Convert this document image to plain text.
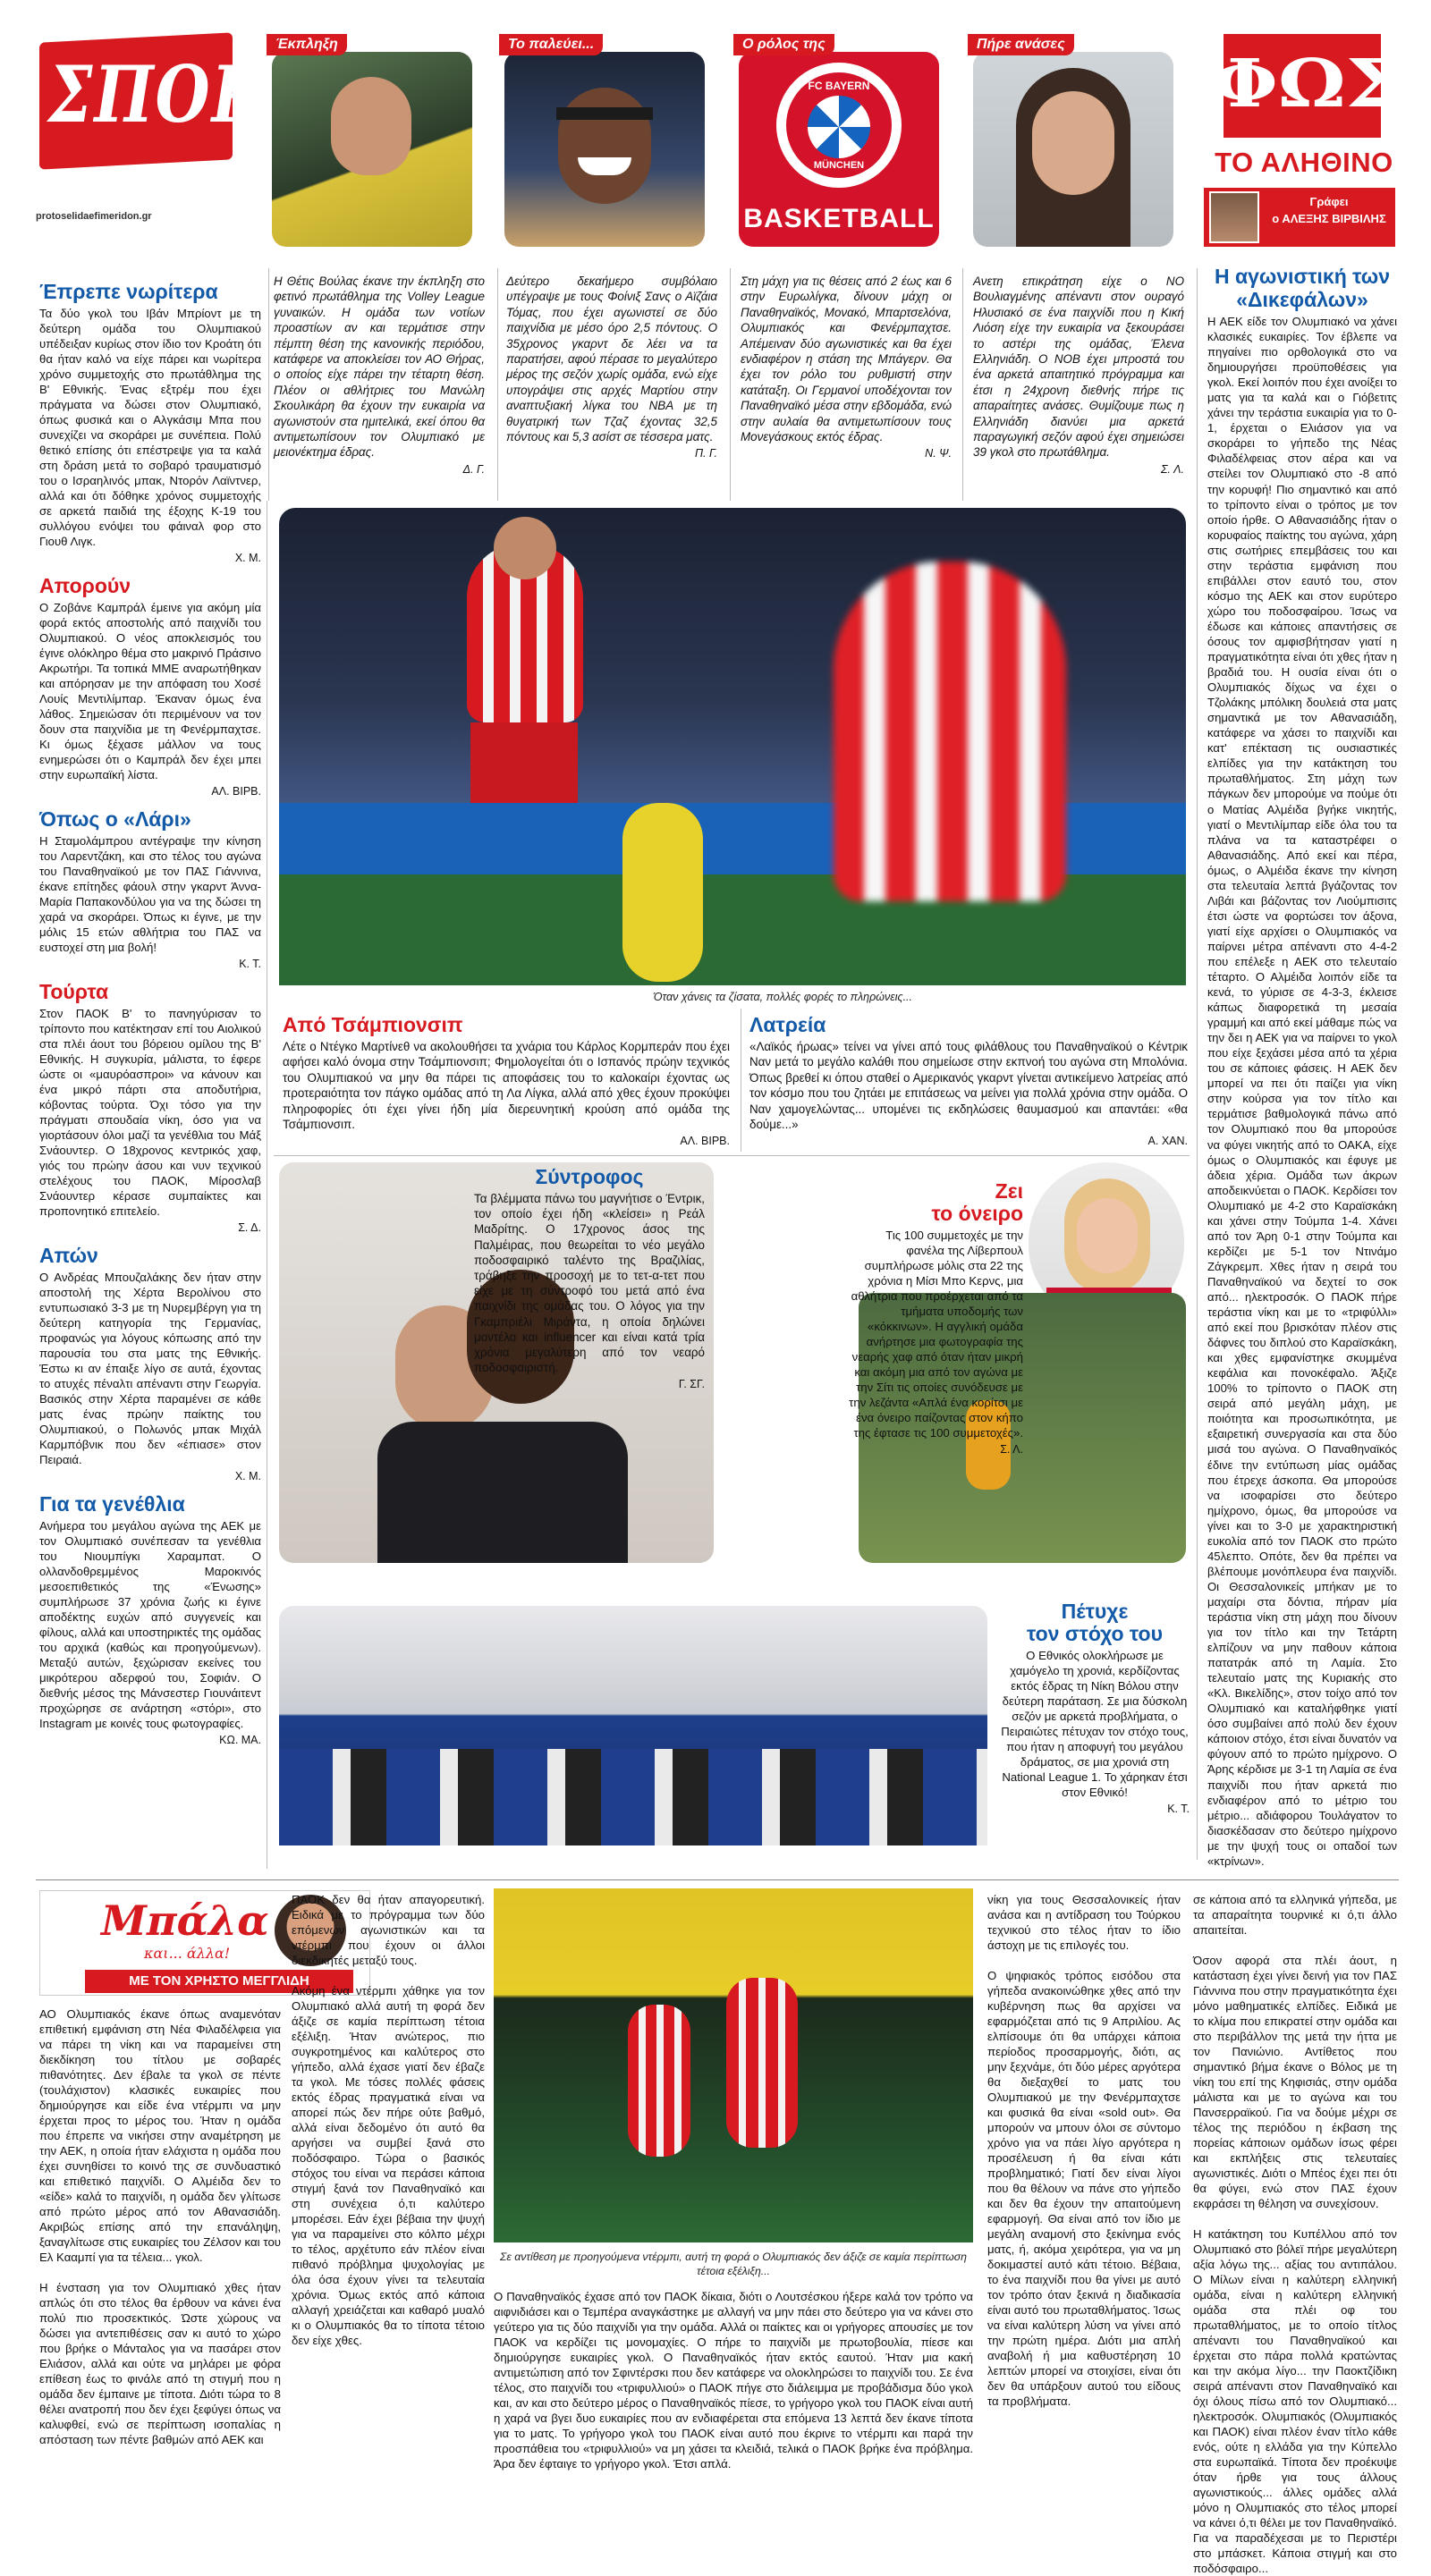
ΣΠΟΡ
protoselidaefimeridon.gr
Έκπληξη	Το παλεύει...
FC BAYERN
MÜNCHEN
BASKETBALL
Ο ρόλος της	Πήρε ανάσες
ΦΩΣ
ΤΟ ΑΛΗΘΙΝΟ
Γράφει
ο ΑΛΕΞΗΣ ΒΙΡΒΙΛΗΣ

Η Θέτις Βούλας έκανε την έκπληξη στο φετινό πρωτάθλημα της Volley League γυναικών. Η ομάδα των νοτίων προαστίων αν και τερμάτισε στην πέμπτη θέση της κανονικής περιόδου, κατάφερε να αποκλείσει τον ΑΟ Θήρας, ο οποίος είχε πάρει την τέταρτη θέση. Πλέον οι αθλήτριες του Μανώλη Σκουλικάρη θα έχουν την ευκαιρία να αγωνιστούν στα ημιτελικά, εκεί όπου θα αντιμετωπίσουν τον Ολυμπιακό με μειονέκτημα έδρας.

Δ. Γ.

Δεύτερο δεκαήμερο συμβόλαιο υπέγραψε με τους Φοίνιξ Σανς ο Αϊζάια Τόμας, που έχει αγωνιστεί σε δύο παιχνίδια με μέσο όρο 2,5 πόντους. Ο 35χρονος γκαρντ δε λέει να τα παρατήσει, αφού πέρασε το μεγαλύτερο μέρος της σεζόν χωρίς ομάδα, ενώ είχε υπογράψει στις αρχές Μαρτίου στην αναπτυξιακή λίγκα του NBA με τη θυγατρική των Τζαζ έχοντας 32,5 πόντους και 5,3 ασίστ σε τέσσερα ματς.

Π. Γ.

Στη μάχη για τις θέσεις από 2 έως και 6 στην Ευρωλίγκα, δίνουν μάχη οι Παναθηναϊκός, Μονακό, Μπαρτσελόνα, Ολυμπιακός και Φενέρμπαχτσε. Απέμειναν δύο αγωνιστικές και θα έχει ενδιαφέρον η στάση της Μπάγερν. Θα έχει τον ρόλο του ρυθμιστή στην κατάταξη. Οι Γερμανοί υποδέχονται τον Παναθηναϊκό μέσα στην εβδομάδα, ενώ στην αυλαία θα αντιμετωπίσουν τους Μονεγάσκους εκτός έδρας.

Ν. Ψ.

Ανετη επικράτηση είχε ο ΝΟ Βουλιαγμένης απέναντι στον ουραγό Ηλυσιακό σε ένα παιχνίδι που η Κική Λιόση είχε την ευκαιρία να ξεκουράσει το αστέρι της ομάδας, Έλενα Ελληνιάδη. Ο ΝΟΒ έχει μπροστά του ένα αρκετά απαιτητικό πρόγραμμα και έτσι η 24χρονη διεθνής πήρε τις απαραίτητες ανάσες. Θυμίζουμε πως η Ελληνιάδη διανύει μια αρκετά παραγωγική σεζόν αφού έχει σημειώσει 39 γκολ στο πρωτάθλημα.

Σ. Λ.
Έπρεπε νωρίτερα

Τα δύο γκολ του Ιβάν Μπρίοντ με τη δεύτερη ομάδα του Ολυμπιακού υπέδειξαν κυρίως στον ίδιο τον Κροάτη ότι θα ήταν καλό να είχε πάρει και νωρίτερα χρόνο συμμετοχής στο πρωτάθλημα της Β' Εθνικής. Ένας εξτρέμ που έχει πράγματα να δώσει στον Ολυμπιακό, όπως φυσικά και ο Αλγκάσιμ Μπα που συνεχίζει να σκοράρει με συνέπεια. Πολύ θετικό επίσης ότι επέστρεψε για τα καλά στη δράση μετά το σοβαρό τραυματισμό του ο Ισραηλινός μπακ, Ντορόν Λαϊντνερ, αλλά και ότι δόθηκε χρόνος συμμετοχής σε αρκετά παιδιά της έξοχης Κ-19 του συλλόγου ενόψει του φάιναλ φορ στο Γιουθ Λιγκ.

Χ. Μ.
Απορούν

Ο Ζοβάνε Καμπράλ έμεινε για ακόμη μία φορά εκτός αποστολής από παιχνίδι του Ολυμπιακού. Ο νέος αποκλεισμός του έγινε ολόκληρο θέμα στο μακρινό Πράσινο Ακρωτήρι. Τα τοπικά ΜΜΕ αναρωτήθηκαν και απόρησαν με την απόφαση του Χοσέ Λουίς Μεντιλίμπαρ. Έκαναν όμως ένα λάθος. Σημειώσαν ότι περιμένουν να τον δουν στα παιχνίδια με τη Φενέρμπαχτσε. Κι όμως ξέχασε μάλλον να τους ενημερώσει ότι ο Καμπράλ δεν έχει μπει στην ευρωπαϊκή λίστα.

ΑΛ. ΒΙΡΒ.
Όπως ο «Λάρι»

Η Σταμολάμπρου αντέγραψε την κίνηση του Λαρεντζάκη, και στο τέλος του αγώνα του Παναθηναϊκού με τον ΠΑΣ Γιάννινα, έκανε επίτηδες φάουλ στην γκαρντ Άννα-Μαρία Παπακονδύλου για να της δώσει τη χαρά να σκοράρει. Όπως κι έγινε, με την μόλις 15 ετών αθλήτρια του ΠΑΣ να ευστοχεί στη μια βολή!

Κ. Τ.
Τούρτα

Στον ΠΑΟΚ Β' το πανηγύρισαν το τρίποντο που κατέκτησαν επί του Αιολικού στα πλέι άουτ του βόρειου ομίλου της Β' Εθνικής. Η συγκυρία, μάλιστα, το έφερε ώστε οι «μαυρόασπροι» να κάνουν και ένα μικρό πάρτι στα αποδυτήρια, κόβοντας τούρτα. Όχι τόσο για την πράγματι σπουδαία νίκη, όσο για να γιορτάσουν όλοι μαζί τα γενέθλια του Μάξ Σνάουντερ. Ο 18χρονος κεντρικός χαφ, γιός του πρώην άσου και νυν τεχνικού στελέχους του ΠΑΟΚ, Μίροσλαβ Σνάουντερ κέρασε συμπαίκτες και προπονητικό επιτελείο.

Σ. Δ.
Απών

Ο Ανδρέας Μπουζαλάκης δεν ήταν στην αποστολή της Χέρτα Βερολίνου στο εντυπωσιακό 3-3 με τη Νυρεμβέργη για τη δεύτερη κατηγορία της Γερμανίας, προφανώς για λόγους κόπωσης από την παρουσία του στα ματς της Εθνικής. Έστω κι αν έπαιξε λίγο σε αυτά, έχοντας το ατυχές πέναλτι απέναντι στην Γεωργία. Βασικός στην Χέρτα παραμένει σε κάθε ματς ένας πρώην παίκτης του Ολυμπιακού, ο Πολωνός μπακ Μιχάλ Καρμπόβνικ που δεν «έπιασε» στον Πειραιά.

Χ. Μ.
Για τα γενέθλια

Ανήμερα του μεγάλου αγώνα της ΑΕΚ με τον Ολυμπιακό συνέπεσαν τα γενέθλια του Νιουμπίγκι Χαραμπατ. Ο ολλανδοθρεμμένος Μαροκινός μεσοεπιθετικός της «Ένωσης» συμπλήρωσε 37 χρόνια ζωής κι έγινε αποδέκτης ευχών από συγγενείς και φίλους, αλλά και υποστηρικτές της ομάδας του αρχικά (καθώς και προηγούμενων). Μεταξύ αυτών, ξεχώρισαν εκείνες του μικρότερου αδερφού του, Σοφιάν. Ο διεθνής μέσος της Μάνσεστερ Γιουνάιτεντ προχώρησε σε ανάρτηση «στόρι», στο Instagram με κοινές τους φωτογραφίες.

ΚΩ. ΜΑ.
Όταν χάνεις τα ζίσατα, πολλές φορές το πληρώνεις...
Από Τσάμπιονσιπ

Λέτε ο Ντέγκο Μαρτίνεθ να ακολουθήσει τα χνάρια του Κάρλος Κορμπεράν που έχει αφήσει καλό όνομα στην Τσάμπιονσιπ; Φημολογείται ότι ο Ισπανός πρώην τεχνικός του Ολυμπιακού να μην θα πάρει τις αποφάσεις του το καλοκαίρι έχοντας ως προτεραιότητα τον πάγκο ομάδας από τη Λα Λίγκα, αλλά από χθες έχουν προκύψει πληροφορίες ότι έχει γίνει ήδη μία διερευνητική κρούση από ομάδα της Τσάμπιονσιπ.

ΑΛ. ΒΙΡΒ.
Λατρεία

«Λαϊκός ήρωας» τείνει να γίνει από τους φιλάθλους του Παναθηναϊκού ο Κέντρικ Ναν μετά το μεγάλο καλάθι που σημείωσε στην εκπνοή του αγώνα στη Μπολόνια. Όπως βρεθεί κι όπου σταθεί ο Αμερικανός γκαρντ γίνεται αντικείμενο λατρείας από τον κόσμο που του ζητάει με επιτάσεως να μείνει για πολλά χρόνια στην ομάδα. Ο Ναν χαμογελώντας... υπομένει τις εκδηλώσεις θαυμασμού και απαντάει: «θα δούμε...»

Α. ΧΑΝ.
Σύντροφος

Τα βλέμματα πάνω του μαγνήτισε ο Έντρικ, τον οποίο έχει ήδη «κλείσει» η Ρεάλ Μαδρίτης. Ο 17χρονος άσος της Παλμέιρας, που θεωρείται το νέο μεγάλο ποδοσφαιρικό ταλέντο της Βραζιλίας, τράβηξε την προσοχή με το τετ-α-τετ που είχε με τη σύντροφό του μετά από ένα παιχνίδι της ομάδας του. Ο λόγος για την Γκαμπριέλι Μιράντα, η οποία δηλώνει μοντέλο και influencer και είναι κατά τρία χρόνια μεγαλύτερη από τον νεαρό ποδοσφαιριστή.

Γ. ΣΓ.
Ζει
το όνειρο

Τις 100 συμμετοχές με την φανέλα της Λίβερπουλ συμπλήρωσε μόλις στα 22 της χρόνια η Μίσι Μπο Κερνς, μια αθλήτρια που προέρχεται από τα τμήματα υποδομής των «κόκκινων». Η αγγλική ομάδα ανήρτησε μια φωτογραφία της νεαρής χαφ από όταν ήταν μικρή και ακόμη μια από τον αγώνα με την Σίτι τις οποίες συνόδευσε με την λεζάντα «Απλά ένα κορίτσι με ένα όνειρο παίζοντας στον κήπο της έφτασε τις 100 συμμετοχές».

Σ. Λ.
Πέτυχε
τον στόχο του

Ο Εθνικός ολοκλήρωσε με χαμόγελο τη χρονιά, κερδίζοντας εκτός έδρας τη Νίκη Βόλου στην δεύτερη παράταση. Σε μια δύσκολη σεζόν με αρκετά προβλήματα, ο Πειραιώτες πέτυχαν τον στόχο τους, που ήταν η αποφυγή του μεγάλου δράματος, σε μια χρονιά στη National League 1. Το χάρηκαν έτσι στον Εθνικό!

Κ. Τ.
Η αγωνιστική των «Δικεφάλων»

Η ΑΕΚ είδε τον Ολυμπιακό να χάνει κλασικές ευκαιρίες. Τον έβλεπε να πηγαίνει πιο ορθολογικά στο να δημιουργήσει προϋποθέσεις για γκολ. Εκεί λοιπόν που έχει ανοίξει το ματς για τα καλά και ο Γιόβετιτς χάνει την τεράστια ευκαιρία για το 0-1, έρχεται ο Ελιάσον για να σκοράρει το γήπεδο της Νέας Φιλαδέλφειας στον αέρα και να στείλει τον Ολυμπιακό στο -8 από την κορυφή! Πιο σημαντικό και από το τρίποντο είναι ο τρόπος με τον οποίο ήρθε. Ο Αθανασιάδης ήταν ο κορυφαίος παίκτης του αγώνα, χάρη στις σωτήριες επεμβάσεις του και στην τεράστια εμφάνιση που επιβάλλει στον εαυτό του, στον κόσμο της ΑΕΚ και στον ευρύτερο χώρο του ποδοσφαίρου. Ίσως να έδωσε και κάποιες απαντήσεις σε όσους τον αμφισβήτησαν γιατί η πραγματικότητα είναι ότι χθες ήταν η βραδιά του. Η ουσία είναι ότι ο Ολυμπιακός δίχως να έχει ο Τζολάκης μπόλικη δουλειά στα ματς σημαντικά με τον Αθανασιάδη, κατάφερε να χάσει το παιχνίδι και κατ' επέκταση τις ουσιαστικές ελπίδες για την κατάκτηση του πρωταθλήματος. Στη μάχη των πάγκων δεν μπορούμε να πούμε ότι ο Ματίας Αλμέιδα βγήκε νικητής, γιατί ο Μεντιλίμπαρ είδε όλα του τα πλάνα να τα καταστρέφει ο Αθανασιάδης. Από εκεί και πέρα, όμως, ο Αλμέιδα έκανε την κίνηση στα τελευταία λεπτά βγάζοντας τον Λιβάι και βάζοντας τον Λιούμπισιτς έτσι ώστε να φορτώσει τον άξονα, γιατί είχε αρχίσει ο Ολυμπιακός να παίρνει μέτρα απέναντι στο 4-4-2 που επέλεξε η ΑΕΚ στο τελευταίο τέταρτο. Ο Αλμέιδα λοιπόν είδε τα κενά, το γύρισε σε 4-3-3, έκλεισε κάπως διαφορετικά τη μεσαία γραμμή και από εκεί μάθαμε πώς να την δει η ΑΕΚ για να παίρνει το γκολ που είχε ξεχάσει μέσα από τα χέρια του σε κάποιες φάσεις. Η ΑΕΚ δεν μπορεί να πει ότι παίζει για νίκη στην κούρσα για τον τίτλο και τερμάτισε βαθμολογικά πάνω από τον Ολυμπιακό που θα μπορούσε να φύγει νικητής από το ΟΑΚΑ, είχε όμως ο Ολυμπιακός και έφυγε με άδεια χέρια. Ομάδα των άκρων αποδεικνύεται ο ΠΑΟΚ. Κερδίσει τον Ολυμπιακό με 4-2 στο Καραϊσκάκη και χάνει στην Τούμπα 1-4. Χάνει από τον Άρη 0-1 στην Τούμπα και κερδίζει με 5-1 τον Ντινάμο Ζάγκρεμπ. Χθες ήταν η σειρά του Παναθηναϊκού να δεχτεί το σοκ από... ηλεκτροσόκ. Ο ΠΑΟΚ πήρε τεράστια νίκη και με το «τριφύλλι» από εκεί που βρισκόταν πλέον στις δάφνες του διπλού στο Καραϊσκάκη, και χθες εμφανίστηκε σκυμμένα κεφάλια και πονοκέφαλο. Άξιζε 100% το τρίποντο ο ΠΑΟΚ στη σειρά από μεγάλη μάχη, με ποιότητα και προσωπικότητα, με εξαιρετική συνεργασία και στα δύο μισά του αγώνα. Ο Παναθηναϊκός έδινε την εντύπωση μίας ομάδας που έτρεχε άσκοπα. Θα μπορούσε να ισοφαρίσει στο δεύτερο ημίχρονο, όμως, θα μπορούσε να γίνει και το 3-0 με χαρακτηριστική ευκολία από τον ΠΑΟΚ στο πρώτο 45λεπτο. Οπότε, δεν θα πρέπει να βλέπουμε μονόπλευρα ένα παιχνίδι. Οι Θεσσαλονικείς μπήκαν με το μαχαίρι στα δόντια, πήραν μία τεράστια νίκη στη μάχη που δίνουν για τον τίτλο και την Τετάρτη ελπίζουν να μην παθουν κάποια πατατράκ από τη Λαμία. Στο τελευταίο ματς της Κυριακής στο «Κλ. Βικελίδης», στον τοίχο από τον Ολυμπιακό και καταλήφθηκε γιατί όσο συμβαίνει από πολύ δεν έχουν κάποιον στόχο, έτσι είναι δυνατόν να φύγουν από το πρώτο ημίχρονο. Ο Άρης κέρδισε με 3-1 τη Λαμία σε ένα παιχνίδι που ήταν αρκετά πιο ενδιαφέρον από το μέτριο του μέτριο... αδιάφορου Τουλάγατον το διασκέδασαν στο δεύτερο ημίχρονο με την ψυχή τους οι οπαδοί των «κτρίνων».

Μπάλα
και... άλλα!
ΜΕ ΤΟΝ ΧΡΗΣΤΟ ΜΕΓΓΛΙΔΗ
Σε αντίθεση με προηγούμενα ντέρμπι, αυτή τη φορά ο Ολυμπιακός δεν άξιζε σε καμία περίπτωση τέτοια εξέλιξη...

ΑΟ Ολυμπιακός έκανε όπως αναμενόταν επιθετική εμφάνιση στη Νέα Φιλαδέλφεια για να πάρει τη νίκη και να παραμείνει στη διεκδίκηση του τίτλου με σοβαρές πιθανότητες. Δεν έβαλε τα γκολ σε πέντε (τουλάχιστον) κλασικές ευκαιρίες που δημιούργησε και είδε ένα ντέρμπι να μην έρχεται προς το μέρος του. Ήταν η ομάδα που έπρεπε να νικήσει στην αναμέτρηση με την ΑΕΚ, η οποία ήταν ελάχιστα η ομάδα που έχει συνηθίσει το κοινό της σε συνδυαστικό και επιθετικό παιχνίδι. Ο Αλμέιδα δεν το «είδε» καλά το παιχνίδι, η ομάδα δεν γλίτωσε από πρώτο μέρος από τον Αθανασιάδη. Ακριβώς επίσης από την επανάληψη, ξαναγλίτωσε στις ευκαιρίες του Ζέλσον και του Ελ Κααμπί για τα τέλεια... γκολ.

Η ένσταση για τον Ολυμπιακό χθες ήταν απλώς ότι στο τέλος θα έρθουν να κάνει ένα πολύ πιο προσεκτικός. Ώστε χώρους να δώσει για αντεπιθέσεις σαν κι αυτό το χώρο που βρήκε ο Μάνταλος για να πασάρει στον Ελιάσον, αλλά και ούτε να μηλάρει με φόρα επίθεση έως το φινάλε από τη στιγμή που η ομάδα δεν έμπαινε με τίποτα. Διότι τώρα το 8 θέλει ανατροπή που δεν έχει ξεφύγει όπως να καλυφθεί, ενώ σε περίπτωση ισοπαλίας η απόσταση των πέντε βαθμών από ΑΕΚ και

ΠΑΟΚ δεν θα ήταν απαγορευτική. Ειδικά με το πρόγραμμα των δύο επόμενων αγωνιστικών και τα ντέρμπι που έχουν οι άλλοι διεκδικητές μεταξύ τους.

Ακόμη ένα ντέρμπι χάθηκε για τον Ολυμπιακό αλλά αυτή τη φορά δεν άξιζε σε καμία περίπτωση τέτοια εξέλιξη. Ήταν ανώτερος, πιο συγκροτημένος και καλύτερος στο γήπεδο, αλλά έχασε γιατί δεν έβαζε τα γκολ. Με τόσες πολλές φάσεις εκτός έδρας πραγματικά είναι να απορεί πώς δεν πήρε ούτε βαθμό, αλλά είναι δεδομένο ότι αυτό θα αργήσει να συμβεί ξανά στο ποδόσφαιρο. Τώρα ο βασικός στόχος του είναι να περάσει κάποια στιγμή ξανά τον Παναθηναϊκό και στη συνέχεια ό,τι καλύτερο μπορέσει. Εάν έχει βέβαια την ψυχή για να παραμείνει στο κόλπο μέχρι το τέλος, αρχέτυπο εάν πλέον είναι πιθανό πρόβλημα ψυχολογίας με όλα όσα έχουν γίνει τα τελευταία χρόνια. Όμως εκτός από κάποια αλλαγή χρειάζεται και καθαρό μυαλό κι ο Ολυμπιακός θα το τίποτα τέτοιο δεν είχε χθες.

Ο Παναθηναϊκός έχασε από τον ΠΑΟΚ δίκαια, διότι ο Λουτσέσκου ήξερε καλά τον τρόπο να αιφνιδιάσει και ο Τεμπέρα αναγκάστηκε με αλλαγή να μην πάει στο δεύτερο για να κάνει στο γεύτερο για τις δύο παιχνίδι για την ομάδα. Αλλά οι παίκτες και οι γρήγορες απουσίες με τον ΠΑΟΚ να κερδίζει τις μονομαχίες. Ο πήρε το παιχνίδι με πρωτοβουλία, πίεσε και δημιούργησε ευκαιρίες γκολ. Ο Παναθηναϊκός ήταν εκτός εαυτού. Ήταν μια κακή αντιμετώπιση από τον Σφιντέρσκι που δεν κατάφερε να ολοκληρώσει το παιχνίδι του. Σε ένα τέλος, στο παιχνίδι του «τριφυλλιού» ο ΠΑΟΚ πήγε στο διάλειμμα με προβάδισμα δύο γκολ και, αν και στο δεύτερο μέρος ο Παναθηναϊκός πίεσε, το γρήγορο γκολ του ΠΑΟΚ είναι αυτή η χαρά να βγει δυο ευκαιρίες που αν ενδιαφέρεται στα επόμενα 13 λεπτά δεν έκανε τίποτα για το ματς. Το γρήγορο γκολ του ΠΑΟΚ είναι αυτό που έκρινε το ντέρμπι και παρά την προσπάθεια του «τριφυλλιού» να μη χάσει τα κλειδιά, τελικά ο ΠΑΟΚ βρήκε ένα πρόβλημα. Άρα δεν έφταιγε το γρήγορο γκολ. Έτσι απλά.

νίκη για τους Θεσσαλονικείς ήταν ανάσα και η αντίδραση του Τούρκου τεχνικού στο τέλος ήταν το ίδιο άστοχη με τις επιλογές του.

Ο ψηφιακός τρόπος εισόδου στα γήπεδα ανακοινώθηκε χθες από την κυβέρνηση πως θα αρχίσει να εφαρμόζεται από τις 9 Απριλίου. Ας ελπίσουμε ότι θα υπάρχει κάποια περίοδος προσαρμογής, διότι, ας μην ξεχνάμε, ότι δύο μέρες αργότερα θα διεξαχθεί το ματς του Ολυμπιακού με την Φενέρμπαχτσε και φυσικά θα είναι «sold out». Θα μπορούν να μπουν όλοι σε σύντομο χρόνο για να πάει λίγο αργότερα η προσέλευση ή θα είναι κάτι προβληματικό; Γιατί δεν είναι λίγοι που θα θέλουν να πάνε στο γήπεδο και δεν θα έχουν την απαιτούμενη εφαρμογή. Θα είναι από τον ίδιο με μεγάλη αναμονή στο ξεκίνημα ενός ματς, ή, ακόμα χειρότερα, για να μη δοκιμαστεί αυτό κάτι τέτοιο. Βέβαια, το ένα παιχνίδι που θα γίνει με αυτό τον τρόπο όταν ξεκινά η διαδικασία είναι αυτό του πρωταθλήματος. Ίσως να είναι καλύτερη λύση να γίνει από την πρώτη ημέρα. Διότι μια απλή αναβολή ή μια καθυστέρηση 10 λεπτών μπορεί να στοιχίσει, είναι ότι δεν θα υπάρξουν αυτού του είδους τα προβλήματα.

σε κάποια από τα ελληνικά γήπεδα, με τα απαραίτητα τουρνικέ κι ό,τι άλλο απαιτείται.

Όσον αφορά στα πλέι άουτ, η κατάσταση έχει γίνει δεινή για τον ΠΑΣ Γιάννινα που στην πραγματικότητα έχει μόνο μαθηματικές ελπίδες. Ειδικά με το κλίμα που επικρατεί στην ομάδα και στο περιβάλλον της μετά την ήττα με τον Πανιώνιο. Αντίθετος που σημαντικό βήμα έκανε ο Βόλος με τη νίκη του επί της Κηφισιάς, στην ομάδα μάλιστα και με το αγώνα και του Πανσερραϊκού. Για να δούμε μέχρι σε τέλος της περιόδου η έκβαση της πορείας κάποιων ομάδων ίσως φέρει και εκπλήξεις στις τελευταίες αγωνιστικές. Διότι ο Μπέος έχει πει ότι θα φύγει, ενώ στον ΠΑΣ έχουν εκφράσει τη θέληση να συνεχίσουν.

Η κατάκτηση του Κυπέλλου από τον Ολυμπιακό στο βόλεϊ πήρε μεγαλύτερη αξία λόγω της... αξίας του αντιπάλου. Ο Μίλων είναι η καλύτερη ελληνική ομάδα, είναι η καλύτερη ελληνική ομάδα στα πλέι οφ του πρωταθλήματος, με το οποίο τίτλος απέναντι του Παναθηναϊκού και έρχεται στο πάρα πολλά κρατώντας και την ακόμα λίγο... την Παοκτζίδικη σειρά απέναντι στον Παναθηναϊκό και όχι όλους πίσω από τον Ολυμπιακό... ηλεκτροσόκ. Ολυμπιακός (Ολυμπιακός και ΠΑΟΚ) είναι πλέον έναν τίτλο κάθε ενός, ούτε η ελλάδα για την Κύπελλο στα ευρωπαϊκά. Τίποτα δεν προέκυψε όταν ήρθε για τους άλλους αγωνιστικούς... άλλες ομάδες αλλά μόνο η Ολυμπιακός στο τέλος μπορεί να κάνει ό,τι θέλει με τον Παναθηναϊκό. Για να παραδέχεσαι με το Περιστέρι στο μπάσκετ. Κάποια στιγμή και στο ποδόσφαιρο...
